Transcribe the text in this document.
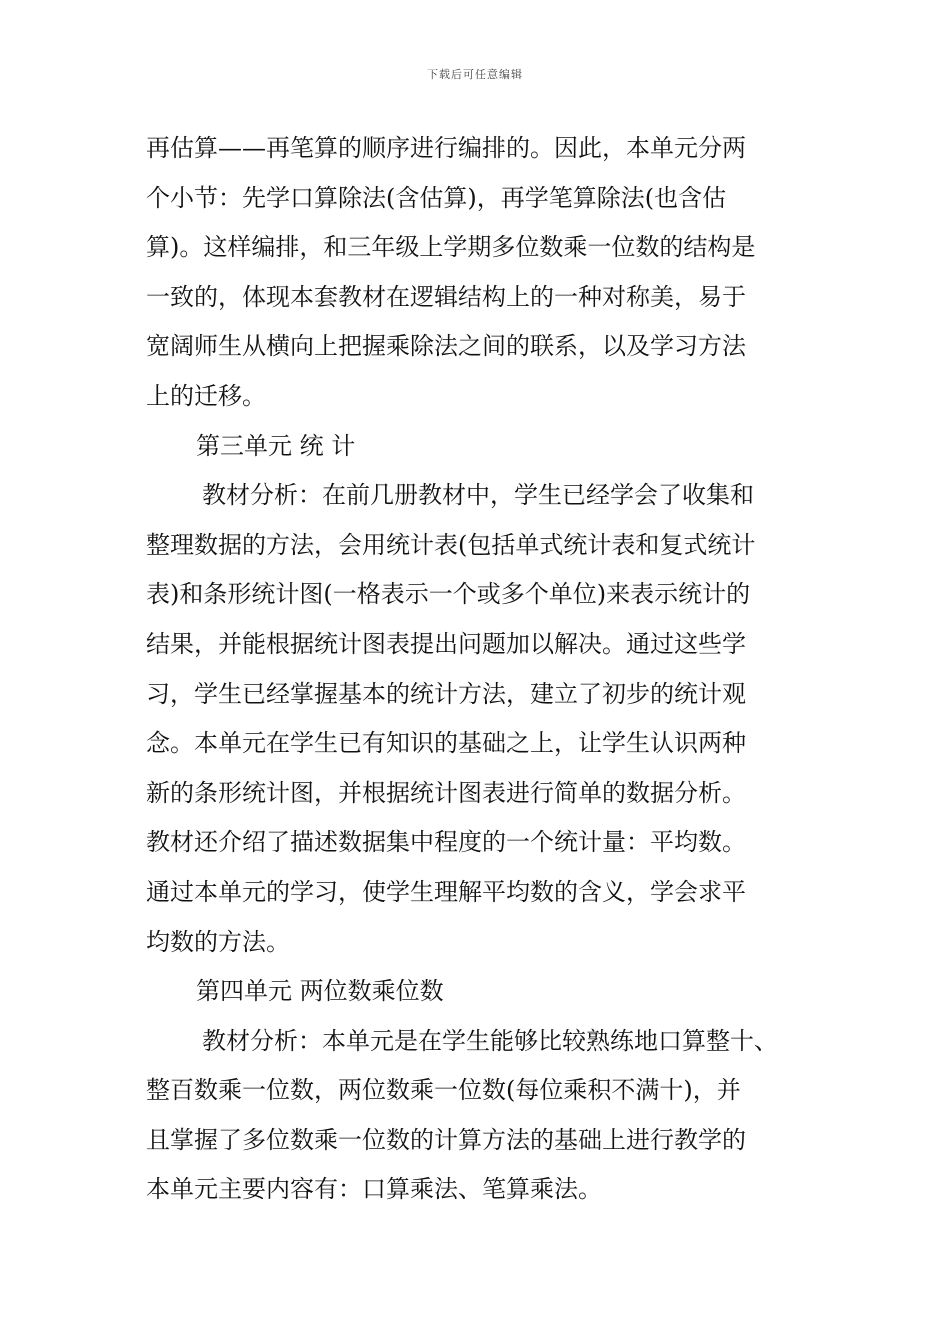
下载后可任意编辑
再估算——再笔算的顺序进行编排的。因此，本单元分两
个小节：先学口算除法(含估算)，再学笔算除法(也含估
算)。这样编排，和三年级上学期多位数乘一位数的结构是
一致的，体现本套教材在逻辑结构上的一种对称美，易于
宽阔师生从横向上把握乘除法之间的联系，以及学习方法
上的迁移。
第三单元 统 计
教材分析：在前几册教材中，学生已经学会了收集和
整理数据的方法，会用统计表(包括单式统计表和复式统计
表)和条形统计图(一格表示一个或多个单位)来表示统计的
结果，并能根据统计图表提出问题加以解决。通过这些学
习，学生已经掌握基本的统计方法，建立了初步的统计观
念。本单元在学生已有知识的基础之上，让学生认识两种
新的条形统计图，并根据统计图表进行简单的数据分析。
教材还介绍了描述数据集中程度的一个统计量：平均数。
通过本单元的学习，使学生理解平均数的含义，学会求平
均数的方法。
第四单元 两位数乘位数
教材分析：本单元是在学生能够比较熟练地口算整十、
整百数乘一位数，两位数乘一位数(每位乘积不满十)，并
且掌握了多位数乘一位数的计算方法的基础上进行教学的
本单元主要内容有：口算乘法、笔算乘法。
